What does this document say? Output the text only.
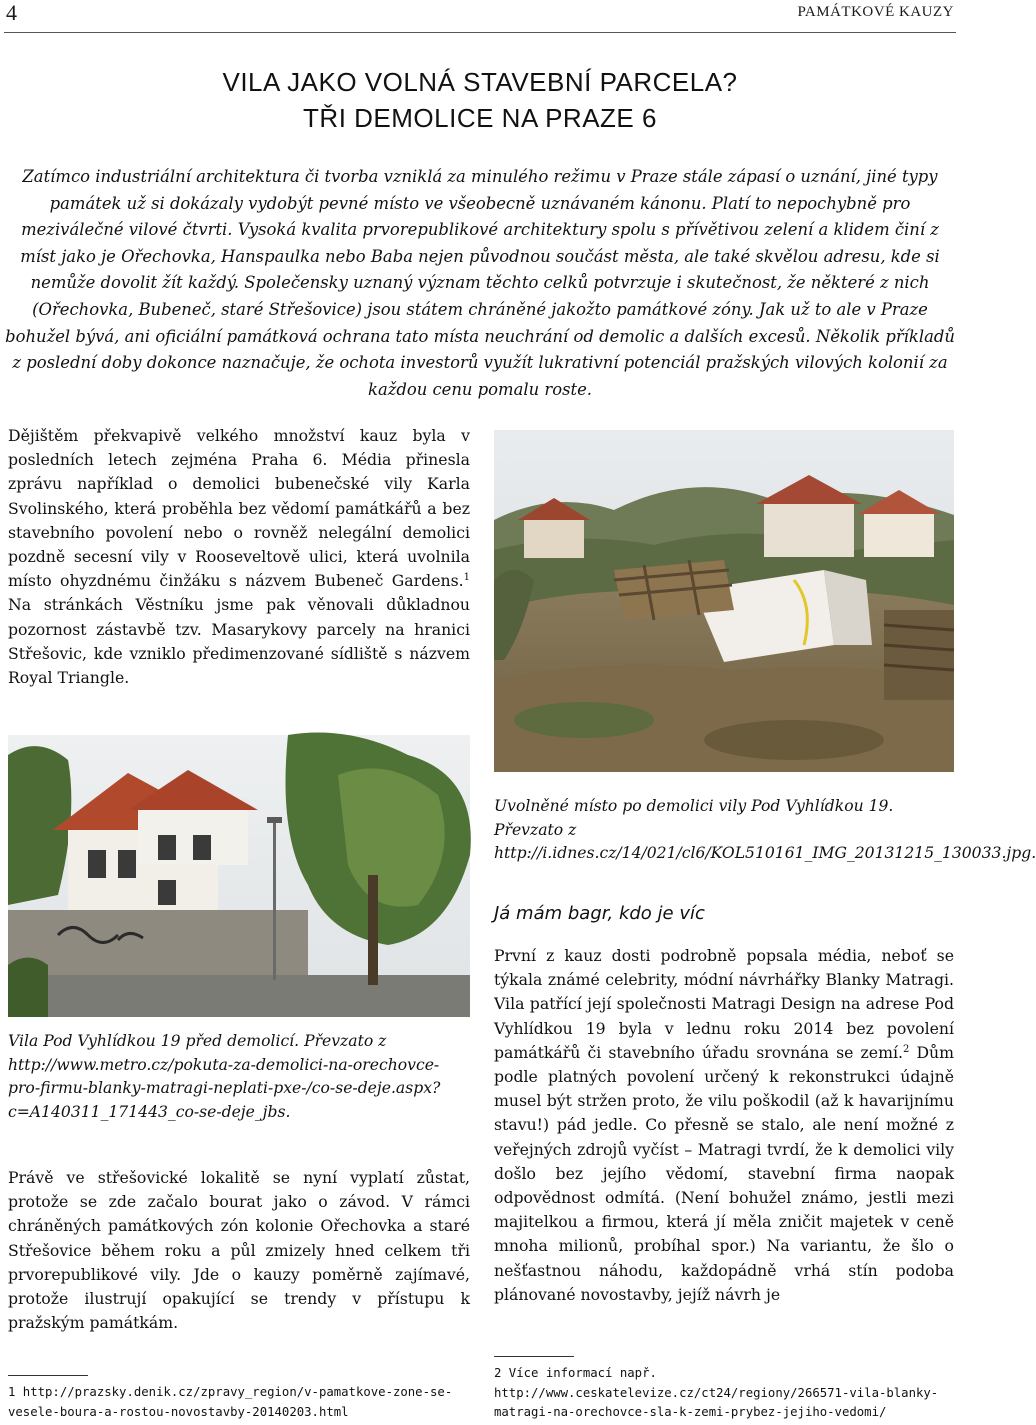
4	PAMÁTKOVÉ KAUZY
VILA JAKO VOLNÁ STAVEBNÍ PARCELA?
TŘI DEMOLICE NA PRAZE 6
Zatímco industriální architektura či tvorba vzniklá za minulého režimu v Praze stále zápasí o uznání, jiné typy památek už si dokázaly vydobýt pevné místo ve všeobecně uznávaném kánonu. Platí to nepochybně pro meziválečné vilové čtvrti. Vysoká kvalita prvorepublikové architektury spolu s přívětivou zelení a klidem činí z míst jako je Ořechovka, Hanspaulka nebo Baba nejen původnou součást města, ale také skvělou adresu, kde si nemůže dovolit žít každý. Společensky uznaný význam těchto celků potvrzuje i skutečnost, že některé z nich (Ořechovka, Bubeneč, staré Střešovice) jsou státem chráněné jakožto památkové zóny. Jak už to ale v Praze bohužel bývá, ani oficiální památková ochrana tato místa neuchrání od demolic a dalších excesů. Několik příkladů z poslední doby dokonce naznačuje, že ochota investorů využít lukrativní potenciál pražských vilových kolonií za každou cenu pomalu roste.
Dějištěm překvapivě velkého množství kauz byla v posledních letech zejména Praha 6. Média přinesla zprávu například o demolici bubenečské vily Karla Svolinského, která proběhla bez vědomí památkářů a bez stavebního povolení nebo o rovněž nelegální demolici pozdně secesní vily v Rooseveltově ulici, která uvolnila místo ohyzdnému činžáku s názvem Bubeneč Gardens.$^1$ Na stránkách Věstníku jsme pak věnovali důkladnou pozornost zástavbě tzv. Masarykovy parcely na hranici Střešovic, kde vzniklo předimenzované sídliště s názvem Royal Triangle.
Uvolněné místo po demolici vily Pod Vyhlídkou 19. Převzato z http://i.idnes.cz/14/021/cl6/KOL510161_IMG_20131215_130033.jpg.
Vila Pod Vyhlídkou 19 před demolicí. Převzato z http://www.metro.cz/pokuta-za-demolici-na-orechovce-pro-firmu-blanky-matragi-neplati-pxe-/co-se-deje.aspx?c=A140311_171443_co-se-deje_jbs.
Právě ve střešovické lokalitě se nyní vyplatí zůstat, protože se zde začalo bourat jako o závod. V rámci chráněných památkových zón kolonie Ořechovka a staré Střešovice během roku a půl zmizely hned celkem tři prvorepublikové vily. Jde o kauzy poměrně zajímavé, protože ilustrují opakující se trendy v přístupu k pražským památkám.
1 http://prazsky.denik.cz/zpravy_region/v-pamatkove-zone-sevesele-boura-a-rostou-novostavby-20140203.html
Já mám bagr, kdo je víc
První z kauz dosti podrobně popsala média, neboť se týkala známé celebrity, módní návrhářky Blanky Matragi. Vila patřící její společnosti Matragi Design na adrese Pod Vyhlídkou 19 byla v lednu roku 2014 bez povolení památkářů či stavebního úřadu srovnána se zemí.$^2$ Dům podle platných povolení určený k rekonstrukci údajně musel být stržen proto, že vilu poškodil (až k havarijnímu stavu!) pád jedle. Co přesně se stalo, ale není možné z veřejných zdrojů vyčíst – Matragi tvrdí, že k demolici vily došlo bez jejího vědomí, stavební firma naopak odpovědnost odmítá. (Není bohužel známo, jestli mezi majitelkou a firmou, která jí měla zničit majetek v ceně mnoha milionů, probíhal spor.) Na variantu, že šlo o nešťastnou náhodu, každopádně vrhá stín podoba plánované novostavby, jejíž návrh je
2 Více informací např. http://www.ceskatelevize.cz/ct24/regiony/266571-vila-blanky-matragi-na-orechovce-sla-k-zemi-prybez-jejiho-vedomi/
